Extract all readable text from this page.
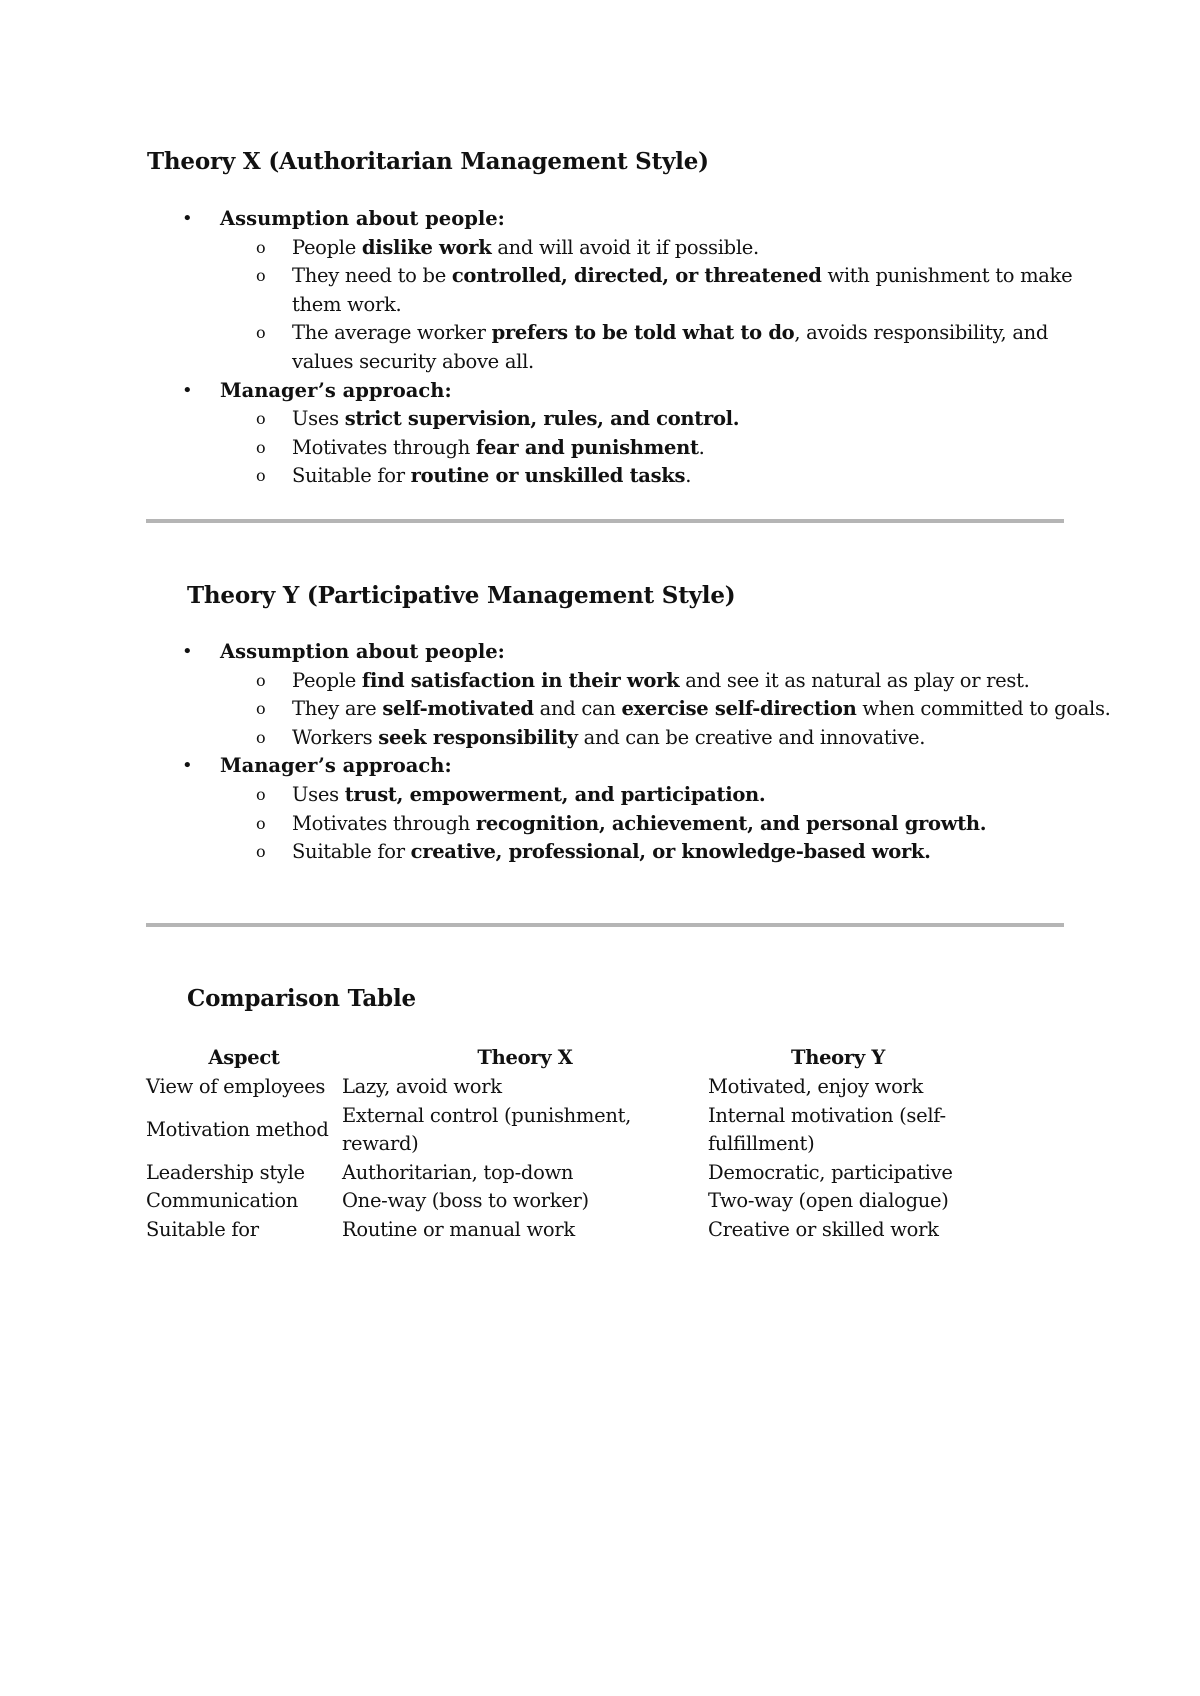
Theory X (Authoritarian Management Style)
• Assumption about people:
o People dislike work and will avoid it if possible.
o They need to be controlled, directed, or threatened with punishment to make them work.
o The average worker prefers to be told what to do, avoids responsibility, and values security above all.
• Manager’s approach:
o Uses strict supervision, rules, and control.
o Motivates through fear and punishment.
o Suitable for routine or unskilled tasks.
Theory Y (Participative Management Style)
• Assumption about people:
o People find satisfaction in their work and see it as natural as play or rest.
o They are self-motivated and can exercise self-direction when committed to goals.
o Workers seek responsibility and can be creative and innovative.
• Manager’s approach:
o Uses trust, empowerment, and participation.
o Motivates through recognition, achievement, and personal growth.
o Suitable for creative, professional, or knowledge-based work.
Comparison Table
Aspect	Theory X	Theory Y
View of employees	Lazy, avoid work	Motivated, enjoy work
Motivation method	External control (punishment, reward)	Internal motivation (self-fulfillment)
Leadership style	Authoritarian, top-down	Democratic, participative
Communication	One-way (boss to worker)	Two-way (open dialogue)
Suitable for	Routine or manual work	Creative or skilled work
